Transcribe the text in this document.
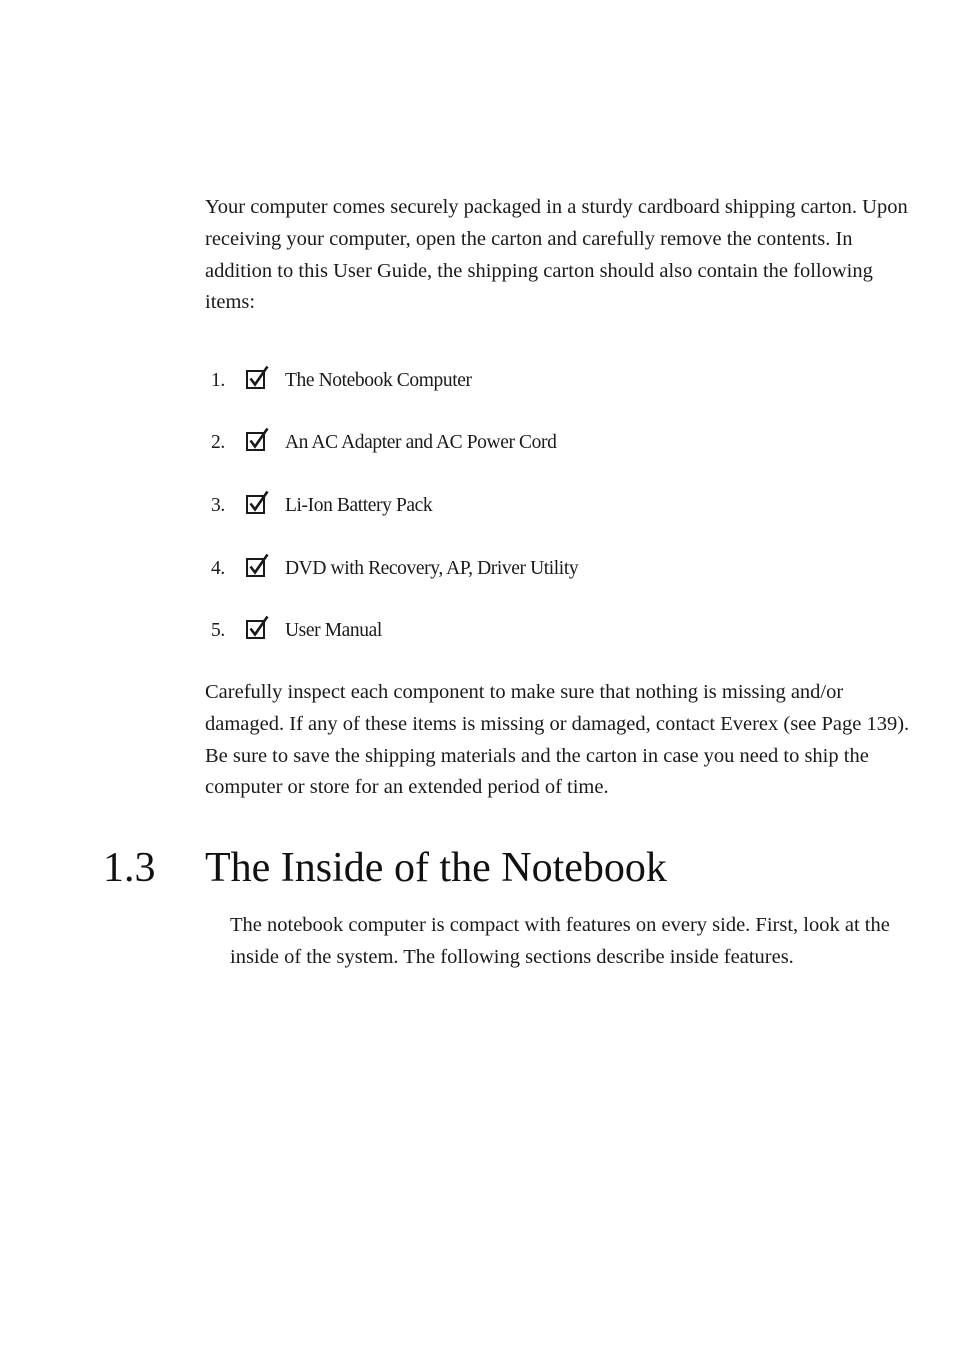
Your computer comes securely packaged in a sturdy cardboard shipping carton. Upon receiving your computer, open the carton and carefully remove the contents. In addition to this User Guide, the shipping carton should also contain the following items:

1.	The Notebook Computer
2.	An AC Adapter and AC Power Cord
3.	Li-Ion Battery Pack
4.	DVD with Recovery, AP, Driver Utility
5.	User Manual

Carefully inspect each component to make sure that nothing is missing and/or damaged. If any of these items is missing or damaged, contact Everex (see Page 139). Be sure to save the shipping materials and the carton in case you need to ship the computer or store for an extended period of time.

1.3 The Inside of the Notebook

The notebook computer is compact with features on every side. First, look at the inside of the system. The following sections describe inside features.
